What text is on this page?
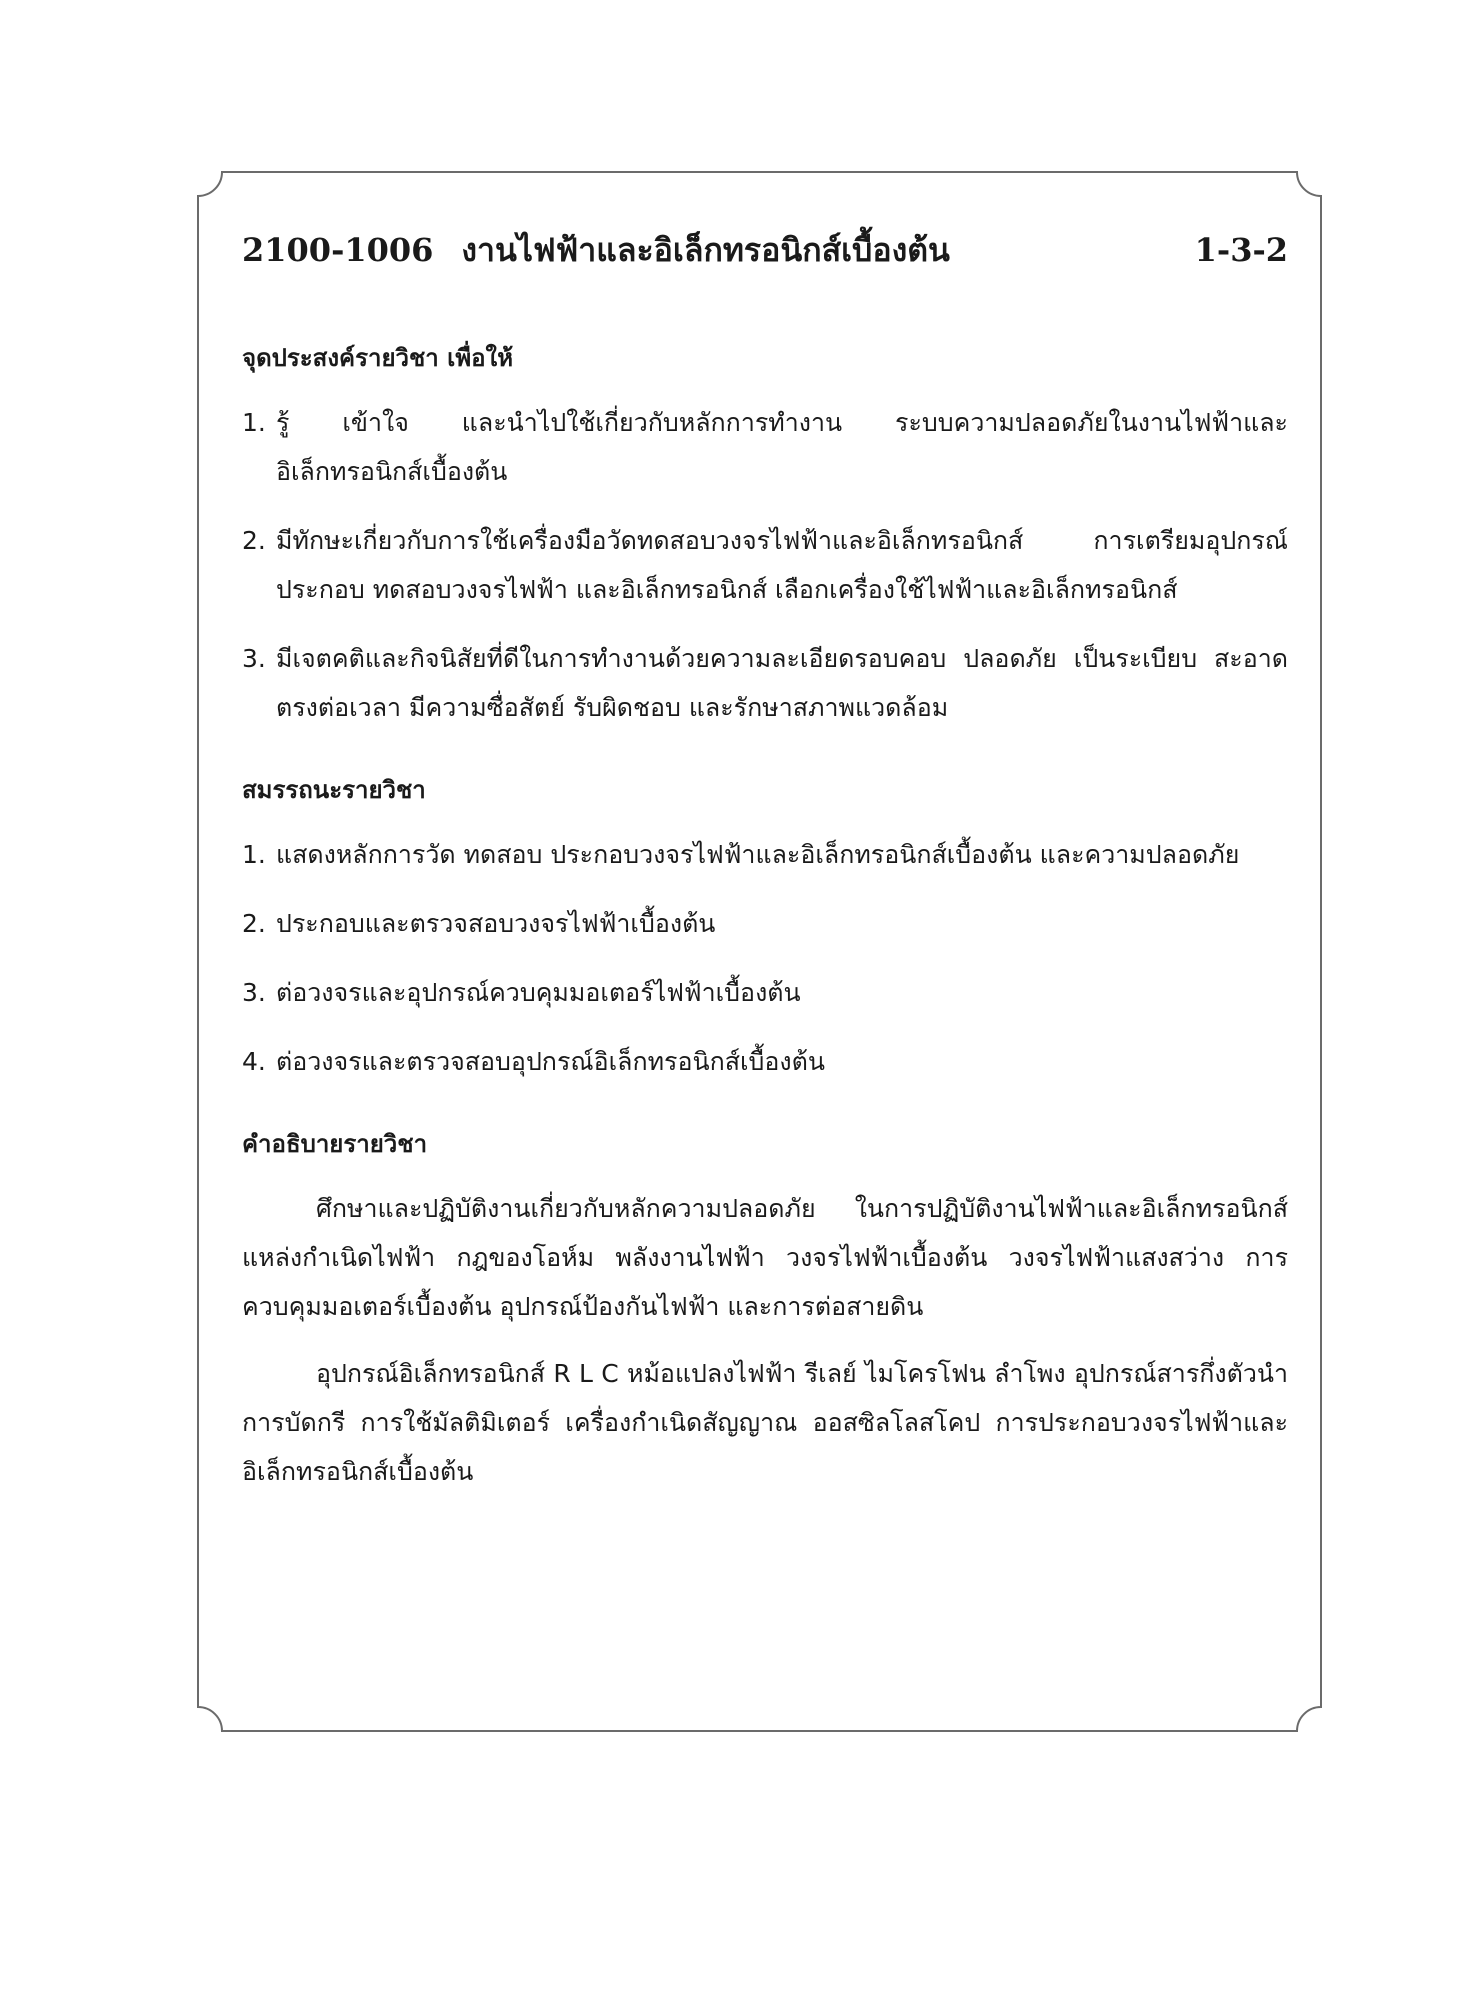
2100-1006 งานไฟฟ้าและอิเล็กทรอนิกส์เบื้องต้น	1-3-2
จุดประสงค์รายวิชา เพื่อให้
1. รู้ เข้าใจ และนำไปใช้เกี่ยวกับหลักการทำงาน ระบบความปลอดภัยในงานไฟฟ้าและอิเล็กทรอนิกส์เบื้องต้น
2. มีทักษะเกี่ยวกับการใช้เครื่องมือวัดทดสอบวงจรไฟฟ้าและอิเล็กทรอนิกส์ การเตรียมอุปกรณ์ ประกอบ ทดสอบวงจรไฟฟ้า และอิเล็กทรอนิกส์ เลือกเครื่องใช้ไฟฟ้าและอิเล็กทรอนิกส์
3. มีเจตคติและกิจนิสัยที่ดีในการทำงานด้วยความละเอียดรอบคอบ ปลอดภัย เป็นระเบียบ สะอาด ตรงต่อเวลา มีความซื่อสัตย์ รับผิดชอบ และรักษาสภาพแวดล้อม
สมรรถนะรายวิชา
1. แสดงหลักการวัด ทดสอบ ประกอบวงจรไฟฟ้าและอิเล็กทรอนิกส์เบื้องต้น และความปลอดภัย
2. ประกอบและตรวจสอบวงจรไฟฟ้าเบื้องต้น
3. ต่อวงจรและอุปกรณ์ควบคุมมอเตอร์ไฟฟ้าเบื้องต้น
4. ต่อวงจรและตรวจสอบอุปกรณ์อิเล็กทรอนิกส์เบื้องต้น
คำอธิบายรายวิชา

ศึกษาและปฏิบัติงานเกี่ยวกับหลักความปลอดภัย ในการปฏิบัติงานไฟฟ้าและอิเล็กทรอนิกส์ แหล่งกำเนิดไฟฟ้า กฎของโอห์ม พลังงานไฟฟ้า วงจรไฟฟ้าเบื้องต้น วงจรไฟฟ้าแสงสว่าง การควบคุมมอเตอร์เบื้องต้น อุปกรณ์ป้องกันไฟฟ้า และการต่อสายดิน

อุปกรณ์อิเล็กทรอนิกส์ R L C หม้อแปลงไฟฟ้า รีเลย์ ไมโครโฟน ลำโพง อุปกรณ์สารกึ่งตัวนำ การบัดกรี การใช้มัลติมิเตอร์ เครื่องกำเนิดสัญญาณ ออสซิลโลสโคป การประกอบวงจรไฟฟ้าและอิเล็กทรอนิกส์เบื้องต้น
